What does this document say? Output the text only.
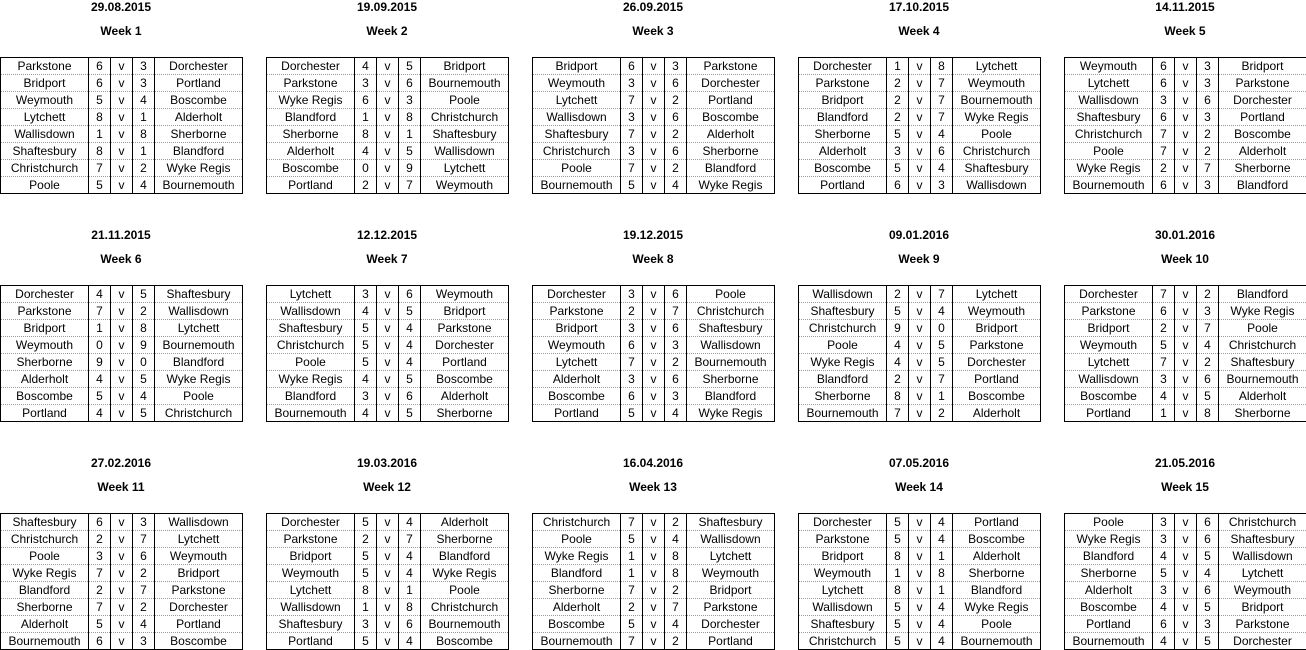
29.08.2015
Week 1
Parkstone	6	v	3	Dorchester
Bridport	6	v	3	Portland
Weymouth	5	v	4	Boscombe
Lytchett	8	v	1	Alderholt
Wallisdown	1	v	8	Sherborne
Shaftesbury	8	v	1	Blandford
Christchurch	7	v	2	Wyke Regis
Poole	5	v	4	Bournemouth
19.09.2015
Week 2
Dorchester	4	v	5	Bridport
Parkstone	3	v	6	Bournemouth
Wyke Regis	6	v	3	Poole
Blandford	1	v	8	Christchurch
Sherborne	8	v	1	Shaftesbury
Alderholt	4	v	5	Wallisdown
Boscombe	0	v	9	Lytchett
Portland	2	v	7	Weymouth
26.09.2015
Week 3
Bridport	6	v	3	Parkstone
Weymouth	3	v	6	Dorchester
Lytchett	7	v	2	Portland
Wallisdown	3	v	6	Boscombe
Shaftesbury	7	v	2	Alderholt
Christchurch	3	v	6	Sherborne
Poole	7	v	2	Blandford
Bournemouth	5	v	4	Wyke Regis
17.10.2015
Week 4
Dorchester	1	v	8	Lytchett
Parkstone	2	v	7	Weymouth
Bridport	2	v	7	Bournemouth
Blandford	2	v	7	Wyke Regis
Sherborne	5	v	4	Poole
Alderholt	3	v	6	Christchurch
Boscombe	5	v	4	Shaftesbury
Portland	6	v	3	Wallisdown
14.11.2015
Week 5
Weymouth	6	v	3	Bridport
Lytchett	6	v	3	Parkstone
Wallisdown	3	v	6	Dorchester
Shaftesbury	6	v	3	Portland
Christchurch	7	v	2	Boscombe
Poole	7	v	2	Alderholt
Wyke Regis	2	v	7	Sherborne
Bournemouth	6	v	3	Blandford
21.11.2015
Week 6
Dorchester	4	v	5	Shaftesbury
Parkstone	7	v	2	Wallisdown
Bridport	1	v	8	Lytchett
Weymouth	0	v	9	Bournemouth
Sherborne	9	v	0	Blandford
Alderholt	4	v	5	Wyke Regis
Boscombe	5	v	4	Poole
Portland	4	v	5	Christchurch
12.12.2015
Week 7
Lytchett	3	v	6	Weymouth
Wallisdown	4	v	5	Bridport
Shaftesbury	5	v	4	Parkstone
Christchurch	5	v	4	Dorchester
Poole	5	v	4	Portland
Wyke Regis	4	v	5	Boscombe
Blandford	3	v	6	Alderholt
Bournemouth	4	v	5	Sherborne
19.12.2015
Week 8
Dorchester	3	v	6	Poole
Parkstone	2	v	7	Christchurch
Bridport	3	v	6	Shaftesbury
Weymouth	6	v	3	Wallisdown
Lytchett	7	v	2	Bournemouth
Alderholt	3	v	6	Sherborne
Boscombe	6	v	3	Blandford
Portland	5	v	4	Wyke Regis
09.01.2016
Week 9
Wallisdown	2	v	7	Lytchett
Shaftesbury	5	v	4	Weymouth
Christchurch	9	v	0	Bridport
Poole	4	v	5	Parkstone
Wyke Regis	4	v	5	Dorchester
Blandford	2	v	7	Portland
Sherborne	8	v	1	Boscombe
Bournemouth	7	v	2	Alderholt
30.01.2016
Week 10
Dorchester	7	v	2	Blandford
Parkstone	6	v	3	Wyke Regis
Bridport	2	v	7	Poole
Weymouth	5	v	4	Christchurch
Lytchett	7	v	2	Shaftesbury
Wallisdown	3	v	6	Bournemouth
Boscombe	4	v	5	Alderholt
Portland	1	v	8	Sherborne
27.02.2016
Week 11
Shaftesbury	6	v	3	Wallisdown
Christchurch	2	v	7	Lytchett
Poole	3	v	6	Weymouth
Wyke Regis	7	v	2	Bridport
Blandford	2	v	7	Parkstone
Sherborne	7	v	2	Dorchester
Alderholt	5	v	4	Portland
Bournemouth	6	v	3	Boscombe
19.03.2016
Week 12
Dorchester	5	v	4	Alderholt
Parkstone	2	v	7	Sherborne
Bridport	5	v	4	Blandford
Weymouth	5	v	4	Wyke Regis
Lytchett	8	v	1	Poole
Wallisdown	1	v	8	Christchurch
Shaftesbury	3	v	6	Bournemouth
Portland	5	v	4	Boscombe
16.04.2016
Week 13
Christchurch	7	v	2	Shaftesbury
Poole	5	v	4	Wallisdown
Wyke Regis	1	v	8	Lytchett
Blandford	1	v	8	Weymouth
Sherborne	7	v	2	Bridport
Alderholt	2	v	7	Parkstone
Boscombe	5	v	4	Dorchester
Bournemouth	7	v	2	Portland
07.05.2016
Week 14
Dorchester	5	v	4	Portland
Parkstone	5	v	4	Boscombe
Bridport	8	v	1	Alderholt
Weymouth	1	v	8	Sherborne
Lytchett	8	v	1	Blandford
Wallisdown	5	v	4	Wyke Regis
Shaftesbury	5	v	4	Poole
Christchurch	5	v	4	Bournemouth
21.05.2016
Week 15
Poole	3	v	6	Christchurch
Wyke Regis	3	v	6	Shaftesbury
Blandford	4	v	5	Wallisdown
Sherborne	5	v	4	Lytchett
Alderholt	3	v	6	Weymouth
Boscombe	4	v	5	Bridport
Portland	6	v	3	Parkstone
Bournemouth	4	v	5	Dorchester
